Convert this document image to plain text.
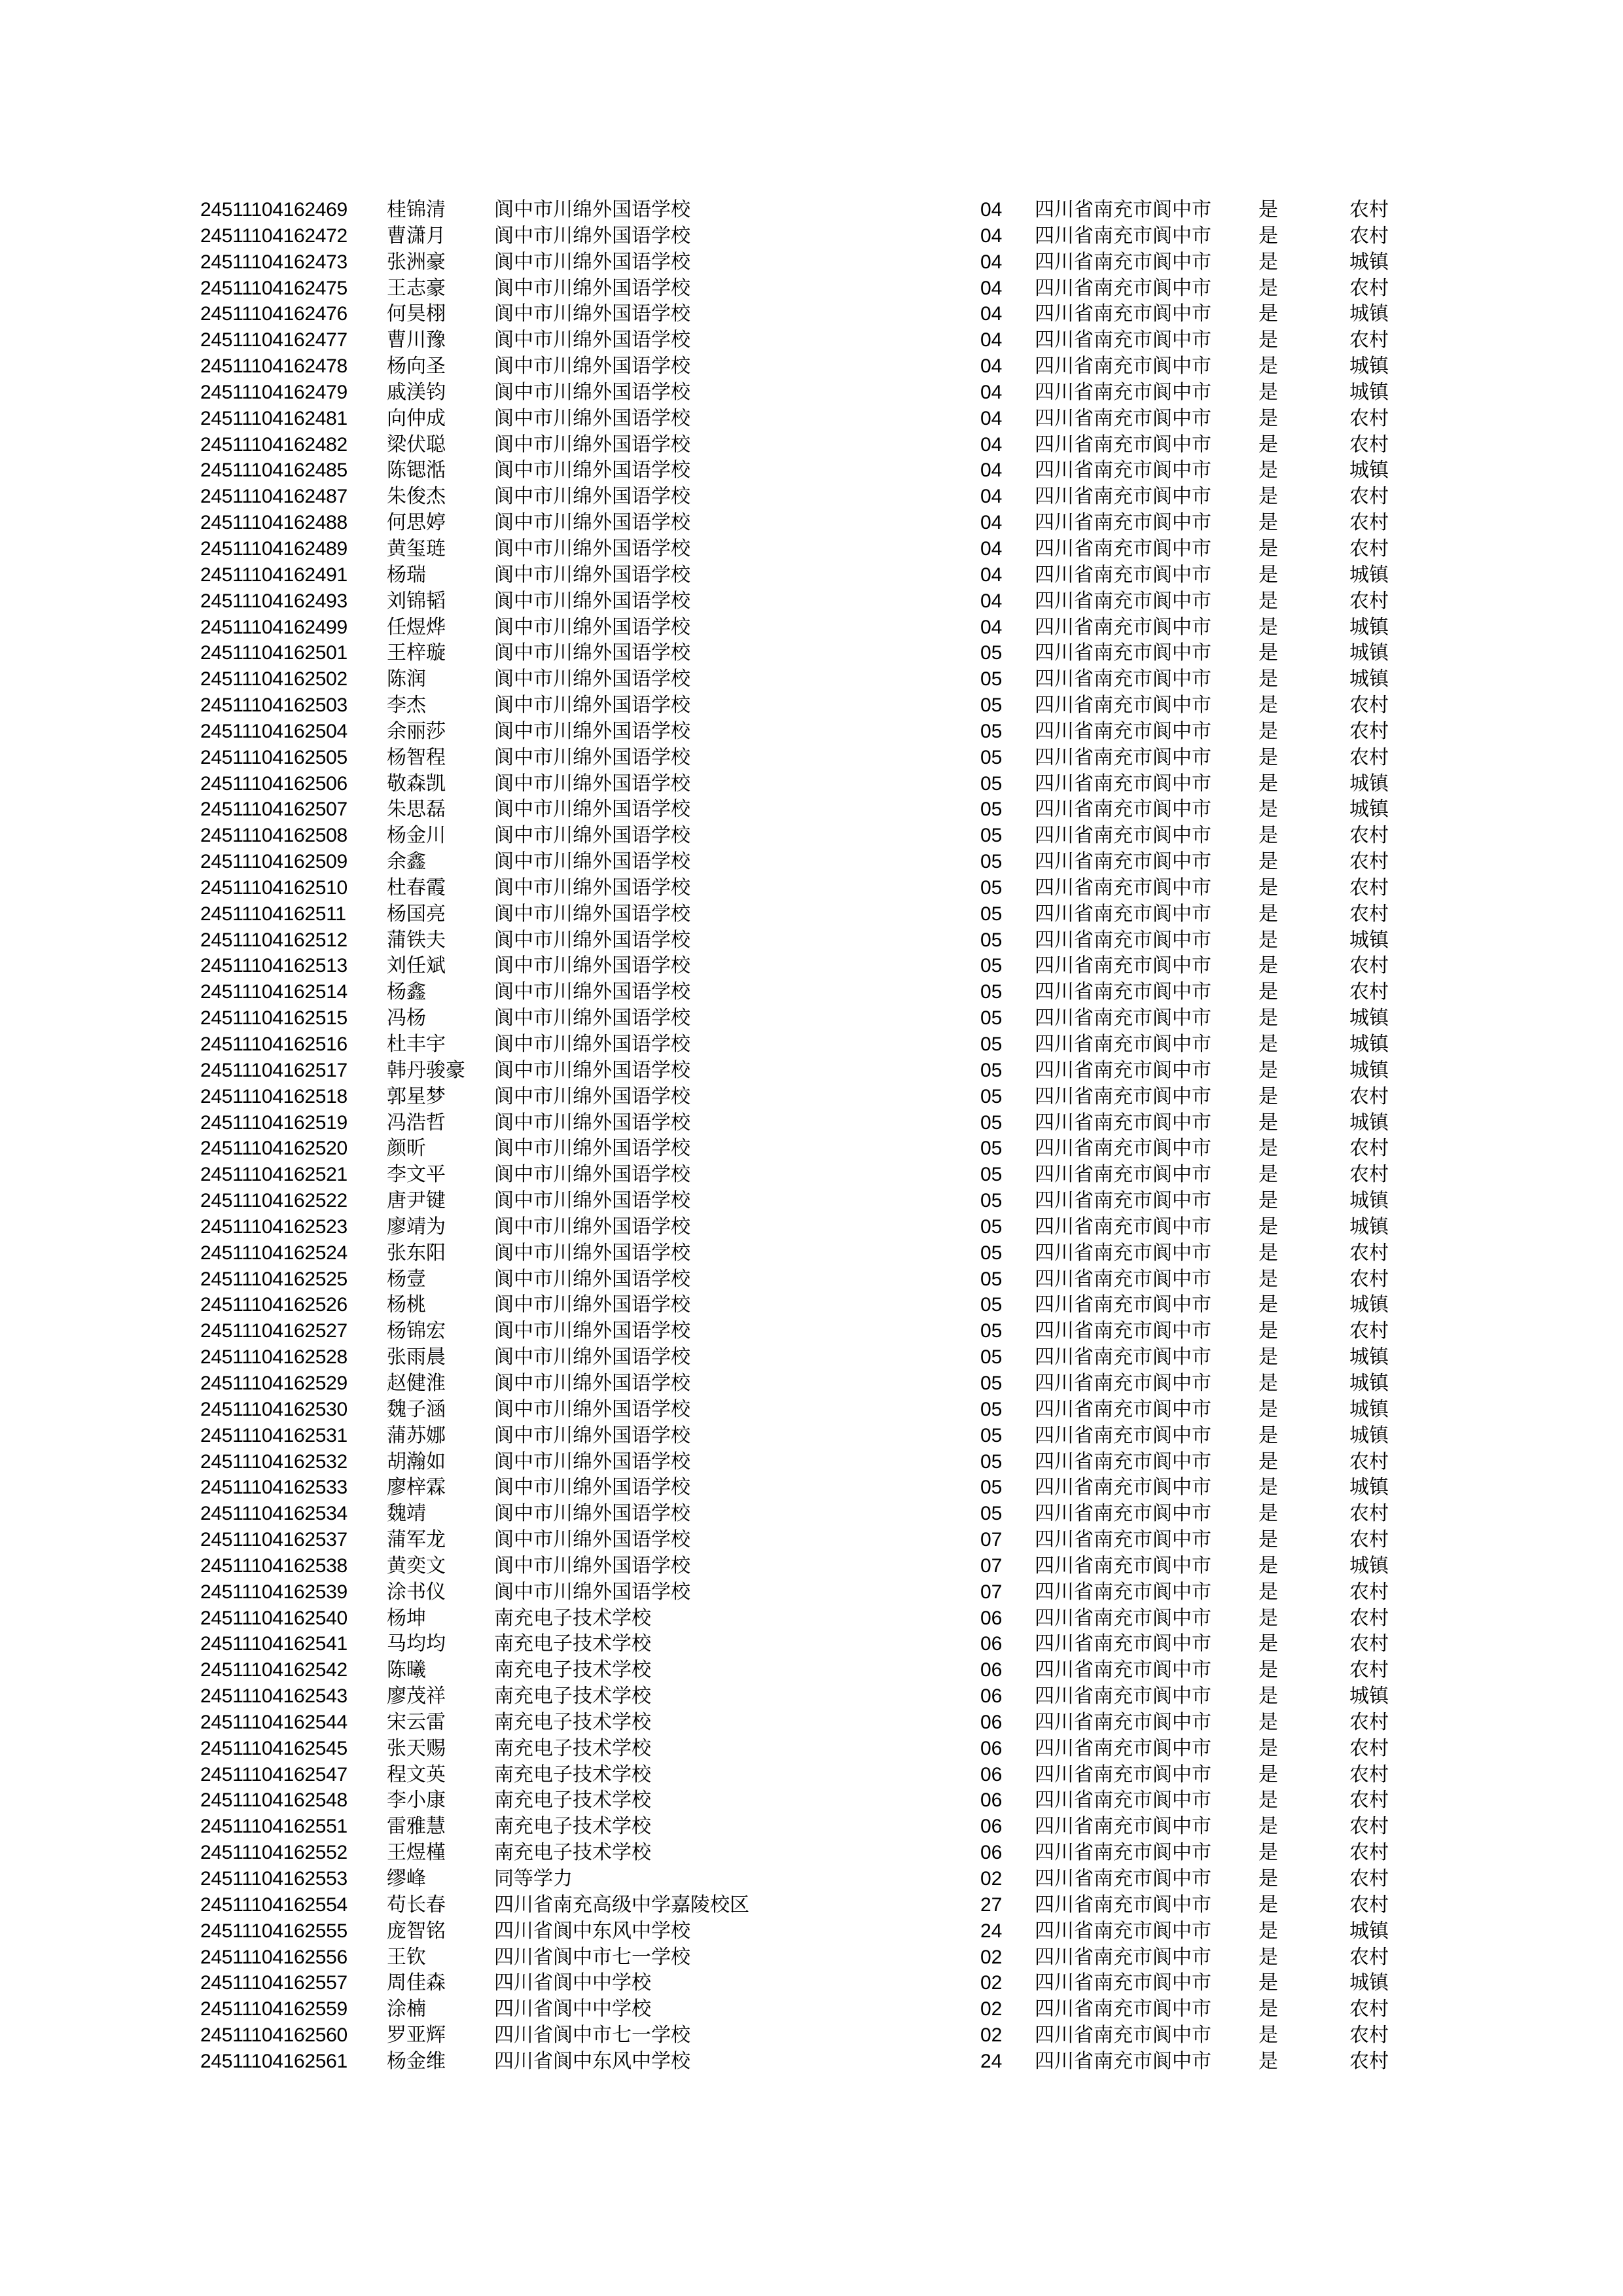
24511104162469	桂锦清	阆中市川绵外国语学校	04	四川省南充市阆中市	是	农村
24511104162472	曹潇月	阆中市川绵外国语学校	04	四川省南充市阆中市	是	农村
24511104162473	张洲豪	阆中市川绵外国语学校	04	四川省南充市阆中市	是	城镇
24511104162475	王志豪	阆中市川绵外国语学校	04	四川省南充市阆中市	是	农村
24511104162476	何昊栩	阆中市川绵外国语学校	04	四川省南充市阆中市	是	城镇
24511104162477	曹川豫	阆中市川绵外国语学校	04	四川省南充市阆中市	是	农村
24511104162478	杨向圣	阆中市川绵外国语学校	04	四川省南充市阆中市	是	城镇
24511104162479	戚渼钧	阆中市川绵外国语学校	04	四川省南充市阆中市	是	城镇
24511104162481	向仲成	阆中市川绵外国语学校	04	四川省南充市阆中市	是	农村
24511104162482	梁伏聪	阆中市川绵外国语学校	04	四川省南充市阆中市	是	农村
24511104162485	陈锶湉	阆中市川绵外国语学校	04	四川省南充市阆中市	是	城镇
24511104162487	朱俊杰	阆中市川绵外国语学校	04	四川省南充市阆中市	是	农村
24511104162488	何思婷	阆中市川绵外国语学校	04	四川省南充市阆中市	是	农村
24511104162489	黄玺琏	阆中市川绵外国语学校	04	四川省南充市阆中市	是	农村
24511104162491	杨瑞	阆中市川绵外国语学校	04	四川省南充市阆中市	是	城镇
24511104162493	刘锦韬	阆中市川绵外国语学校	04	四川省南充市阆中市	是	农村
24511104162499	任煜烨	阆中市川绵外国语学校	04	四川省南充市阆中市	是	城镇
24511104162501	王梓璇	阆中市川绵外国语学校	05	四川省南充市阆中市	是	城镇
24511104162502	陈润	阆中市川绵外国语学校	05	四川省南充市阆中市	是	城镇
24511104162503	李杰	阆中市川绵外国语学校	05	四川省南充市阆中市	是	农村
24511104162504	余丽莎	阆中市川绵外国语学校	05	四川省南充市阆中市	是	农村
24511104162505	杨智程	阆中市川绵外国语学校	05	四川省南充市阆中市	是	农村
24511104162506	敬森凯	阆中市川绵外国语学校	05	四川省南充市阆中市	是	城镇
24511104162507	朱思磊	阆中市川绵外国语学校	05	四川省南充市阆中市	是	城镇
24511104162508	杨金川	阆中市川绵外国语学校	05	四川省南充市阆中市	是	农村
24511104162509	余鑫	阆中市川绵外国语学校	05	四川省南充市阆中市	是	农村
24511104162510	杜春霞	阆中市川绵外国语学校	05	四川省南充市阆中市	是	农村
24511104162511	杨国亮	阆中市川绵外国语学校	05	四川省南充市阆中市	是	农村
24511104162512	蒲铁夫	阆中市川绵外国语学校	05	四川省南充市阆中市	是	城镇
24511104162513	刘任斌	阆中市川绵外国语学校	05	四川省南充市阆中市	是	农村
24511104162514	杨鑫	阆中市川绵外国语学校	05	四川省南充市阆中市	是	农村
24511104162515	冯杨	阆中市川绵外国语学校	05	四川省南充市阆中市	是	城镇
24511104162516	杜丰宇	阆中市川绵外国语学校	05	四川省南充市阆中市	是	城镇
24511104162517	韩丹骏豪	阆中市川绵外国语学校	05	四川省南充市阆中市	是	城镇
24511104162518	郭星梦	阆中市川绵外国语学校	05	四川省南充市阆中市	是	农村
24511104162519	冯浩哲	阆中市川绵外国语学校	05	四川省南充市阆中市	是	城镇
24511104162520	颜昕	阆中市川绵外国语学校	05	四川省南充市阆中市	是	农村
24511104162521	李文平	阆中市川绵外国语学校	05	四川省南充市阆中市	是	农村
24511104162522	唐尹键	阆中市川绵外国语学校	05	四川省南充市阆中市	是	城镇
24511104162523	廖靖为	阆中市川绵外国语学校	05	四川省南充市阆中市	是	城镇
24511104162524	张东阳	阆中市川绵外国语学校	05	四川省南充市阆中市	是	农村
24511104162525	杨壹	阆中市川绵外国语学校	05	四川省南充市阆中市	是	农村
24511104162526	杨桃	阆中市川绵外国语学校	05	四川省南充市阆中市	是	城镇
24511104162527	杨锦宏	阆中市川绵外国语学校	05	四川省南充市阆中市	是	农村
24511104162528	张雨晨	阆中市川绵外国语学校	05	四川省南充市阆中市	是	城镇
24511104162529	赵健淮	阆中市川绵外国语学校	05	四川省南充市阆中市	是	城镇
24511104162530	魏子涵	阆中市川绵外国语学校	05	四川省南充市阆中市	是	城镇
24511104162531	蒲苏娜	阆中市川绵外国语学校	05	四川省南充市阆中市	是	城镇
24511104162532	胡瀚如	阆中市川绵外国语学校	05	四川省南充市阆中市	是	农村
24511104162533	廖梓霖	阆中市川绵外国语学校	05	四川省南充市阆中市	是	城镇
24511104162534	魏靖	阆中市川绵外国语学校	05	四川省南充市阆中市	是	农村
24511104162537	蒲军龙	阆中市川绵外国语学校	07	四川省南充市阆中市	是	农村
24511104162538	黄奕文	阆中市川绵外国语学校	07	四川省南充市阆中市	是	城镇
24511104162539	涂书仪	阆中市川绵外国语学校	07	四川省南充市阆中市	是	农村
24511104162540	杨坤	南充电子技术学校	06	四川省南充市阆中市	是	农村
24511104162541	马均均	南充电子技术学校	06	四川省南充市阆中市	是	农村
24511104162542	陈曦	南充电子技术学校	06	四川省南充市阆中市	是	农村
24511104162543	廖茂祥	南充电子技术学校	06	四川省南充市阆中市	是	城镇
24511104162544	宋云雷	南充电子技术学校	06	四川省南充市阆中市	是	农村
24511104162545	张天赐	南充电子技术学校	06	四川省南充市阆中市	是	农村
24511104162547	程文英	南充电子技术学校	06	四川省南充市阆中市	是	农村
24511104162548	李小康	南充电子技术学校	06	四川省南充市阆中市	是	农村
24511104162551	雷雅慧	南充电子技术学校	06	四川省南充市阆中市	是	农村
24511104162552	王煜槿	南充电子技术学校	06	四川省南充市阆中市	是	农村
24511104162553	缪峰	同等学力	02	四川省南充市阆中市	是	农村
24511104162554	苟长春	四川省南充高级中学嘉陵校区	27	四川省南充市阆中市	是	农村
24511104162555	庞智铭	四川省阆中东风中学校	24	四川省南充市阆中市	是	城镇
24511104162556	王钦	四川省阆中市七一学校	02	四川省南充市阆中市	是	农村
24511104162557	周佳森	四川省阆中中学校	02	四川省南充市阆中市	是	城镇
24511104162559	涂楠	四川省阆中中学校	02	四川省南充市阆中市	是	农村
24511104162560	罗亚辉	四川省阆中市七一学校	02	四川省南充市阆中市	是	农村
24511104162561	杨金维	四川省阆中东风中学校	24	四川省南充市阆中市	是	农村
